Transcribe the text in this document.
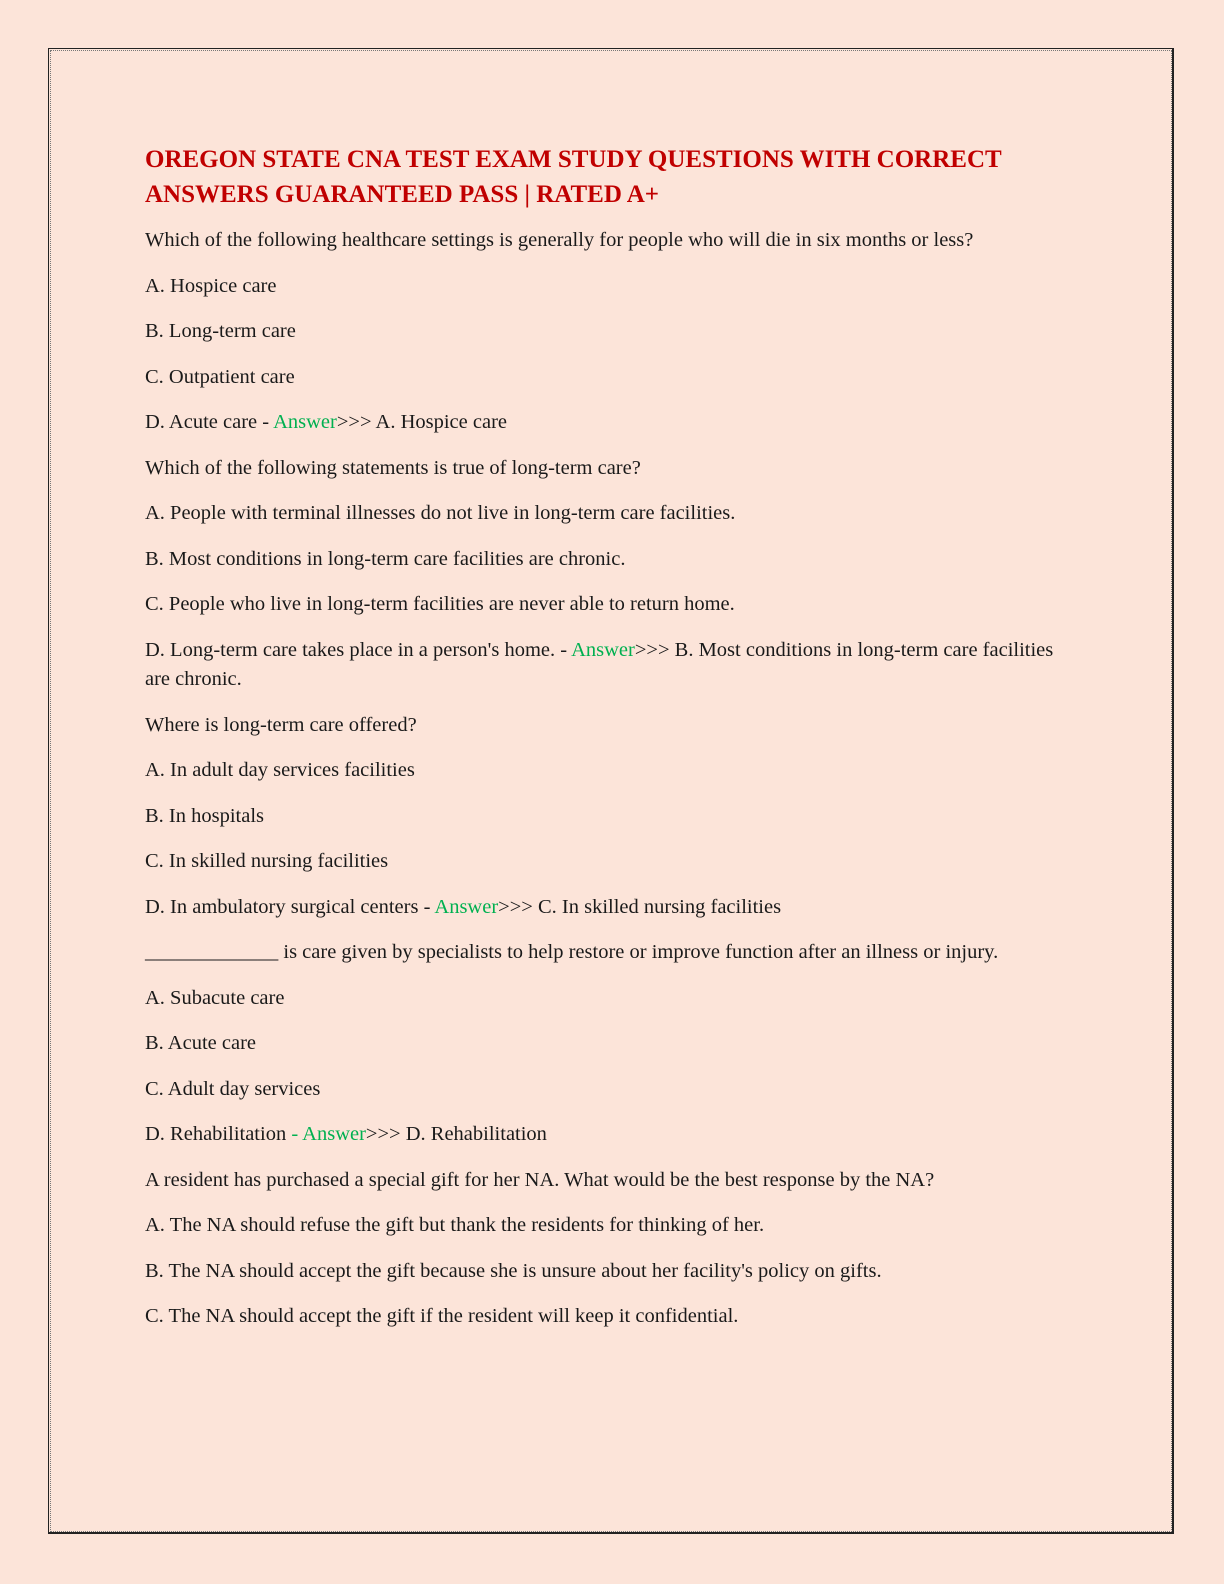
OREGON STATE CNA TEST EXAM STUDY QUESTIONS WITH CORRECT ANSWERS GUARANTEED PASS | RATED A+

Which of the following healthcare settings is generally for people who will die in six months or less?

A. Hospice care

B. Long-term care

C. Outpatient care

D. Acute care - Answer>>> A. Hospice care

Which of the following statements is true of long-term care?

A. People with terminal illnesses do not live in long-term care facilities.

B. Most conditions in long-term care facilities are chronic.

C. People who live in long-term facilities are never able to return home.

D. Long-term care takes place in a person's home. - Answer>>> B. Most conditions in long-term care facilities are chronic.

Where is long-term care offered?

A. In adult day services facilities

B. In hospitals

C. In skilled nursing facilities

D. In ambulatory surgical centers - Answer>>> C. In skilled nursing facilities

_____________ is care given by specialists to help restore or improve function after an illness or injury.

A. Subacute care

B. Acute care

C. Adult day services

D. Rehabilitation - Answer>>> D. Rehabilitation

A resident has purchased a special gift for her NA. What would be the best response by the NA?

A. The NA should refuse the gift but thank the residents for thinking of her.

B. The NA should accept the gift because she is unsure about her facility's policy on gifts.

C. The NA should accept the gift if the resident will keep it confidential.
